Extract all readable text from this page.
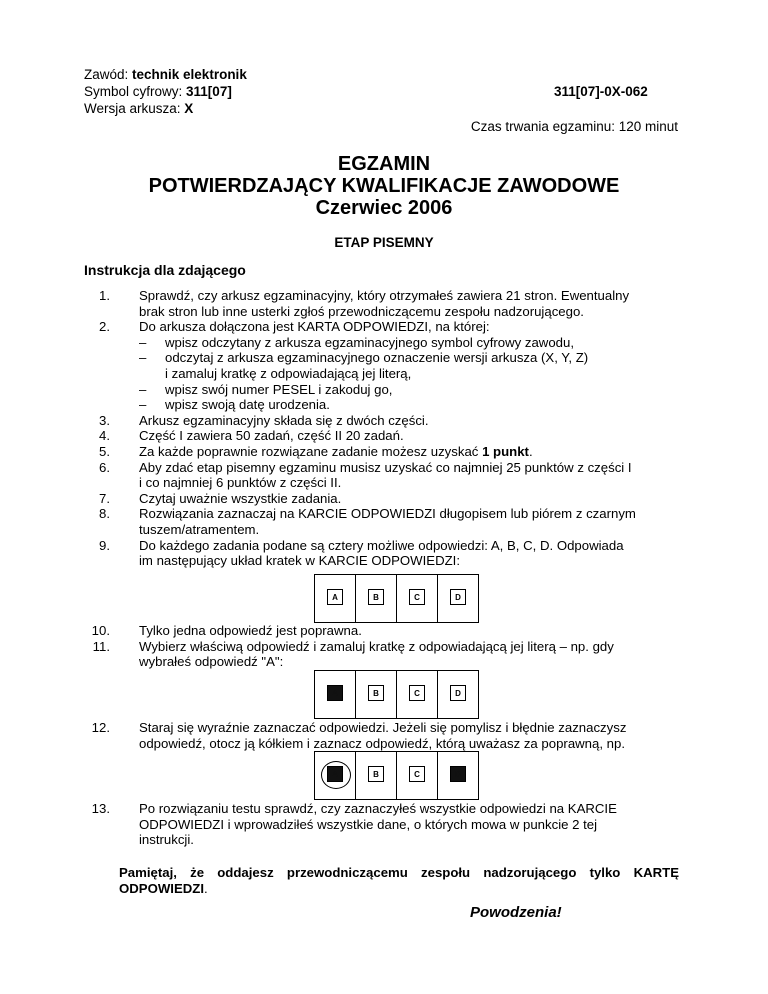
Zawód: technik elektronik
Symbol cyfrowy: 311[07]
Wersja arkusza: X
311[07]-0X-062
Czas trwania egzaminu: 120 minut
EGZAMIN
POTWIERDZAJĄCY KWALIFIKACJE ZAWODOWE
Czerwiec 2006
ETAP PISEMNY
Instrukcja dla zdającego
1. Sprawdź, czy arkusz egzaminacyjny, który otrzymałeś zawiera 21 stron. Ewentualny
brak stron lub inne usterki zgłoś przewodniczącemu zespołu nadzorującego.
2. Do arkusza dołączona jest KARTA ODPOWIEDZI, na której:
– wpisz odczytany z arkusza egzaminacyjnego symbol cyfrowy zawodu,
– odczytaj z arkusza egzaminacyjnego oznaczenie wersji arkusza (X, Y, Z)
i zamaluj kratkę z odpowiadającą jej literą,
– wpisz swój numer PESEL i zakoduj go,
– wpisz swoją datę urodzenia.
3. Arkusz egzaminacyjny składa się z dwóch części.
4. Część I zawiera 50 zadań, część II 20 zadań.
5. Za każde poprawnie rozwiązane zadanie możesz uzyskać 1 punkt.
6. Aby zdać etap pisemny egzaminu musisz uzyskać co najmniej 25 punktów z części I
i co najmniej 6 punktów z części II.
7. Czytaj uważnie wszystkie zadania.
8. Rozwiązania zaznaczaj na KARCIE ODPOWIEDZI długopisem lub piórem z czarnym
tuszem/atramentem.
9. Do każdego zadania podane są cztery możliwe odpowiedzi: A, B, C, D. Odpowiada
im następujący układ kratek w KARCIE ODPOWIEDZI:
10. Tylko jedna odpowiedź jest poprawna.
11. Wybierz właściwą odpowiedź i zamaluj kratkę z odpowiadającą jej literą – np. gdy
wybrałeś odpowiedź "A":
12. Staraj się wyraźnie zaznaczać odpowiedzi. Jeżeli się pomylisz i błędnie zaznaczysz
odpowiedź, otocz ją kółkiem i zaznacz odpowiedź, którą uważasz za poprawną, np.
13. Po rozwiązaniu testu sprawdź, czy zaznaczyłeś wszystkie odpowiedzi na KARCIE
ODPOWIEDZI i wprowadziłeś wszystkie dane, o których mowa w punkcie 2 tej
instrukcji.
A	B	C	D
A	B	C	D
A	B	C	D
Pamiętaj, że oddajesz przewodniczącemu zespołu nadzorującego tylko KARTĘ
ODPOWIEDZI.
Powodzenia!
